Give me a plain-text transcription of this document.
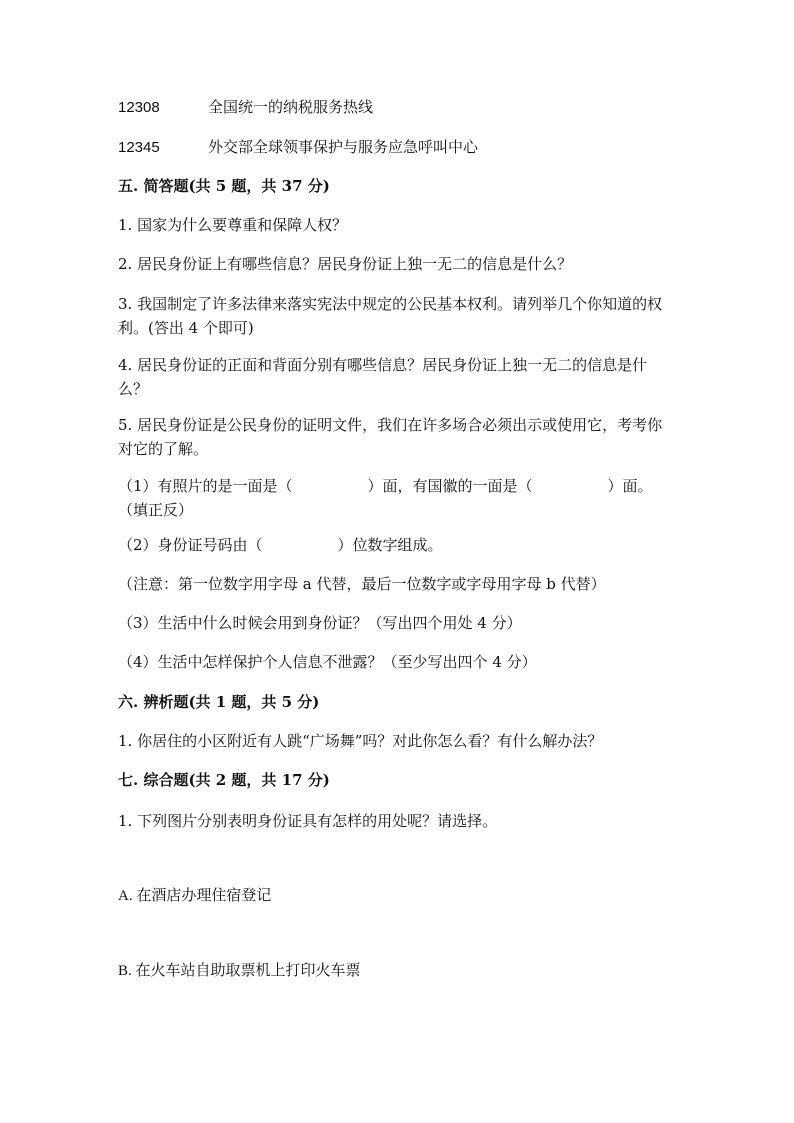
12308	全国统一的纳税服务热线
12345	外交部全球领事保护与服务应急呼叫中心
五. 简答题(共 5 题，共 37 分)
1. 国家为什么要尊重和保障人权？
2. 居民身份证上有哪些信息？居民身份证上独一无二的信息是什么？
3. 我国制定了许多法律来落实宪法中规定的公民基本权利。请列举几个你知道的权利。(答出 4 个即可)
4. 居民身份证的正面和背面分别有哪些信息？居民身份证上独一无二的信息是什么？
5. 居民身份证是公民身份的证明文件，我们在许多场合必须出示或使用它，考考你对它的了解。
（1）有照片的是一面是（　　　　　）面，有国徽的一面是（　　　　　）面。（填正反）
（2）身份证号码由（　　　　　）位数字组成。
（注意：第一位数字用字母 a 代替，最后一位数字或字母用字母 b 代替）
（3）生活中什么时候会用到身份证？（写出四个用处 4 分）
（4）生活中怎样保护个人信息不泄露？（至少写出四个 4 分）
六. 辨析题(共 1 题，共 5 分)
1. 你居住的小区附近有人跳“广场舞”吗？对此你怎么看？有什么解办法？
七. 综合题(共 2 题，共 17 分)
1. 下列图片分别表明身份证具有怎样的用处呢？请选择。
A. 在酒店办理住宿登记
B. 在火车站自助取票机上打印火车票
